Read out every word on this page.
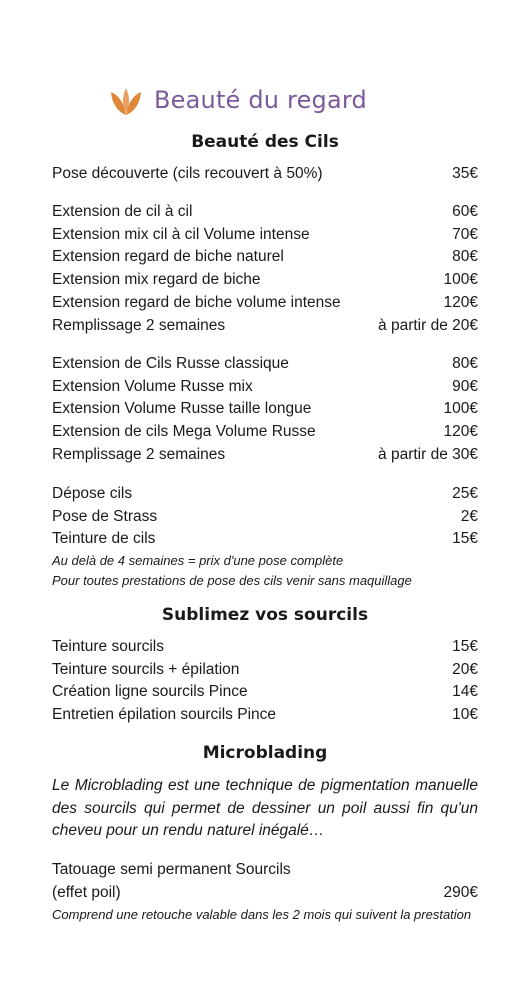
Beauté du regard
Beauté des Cils
Pose découverte (cils recouvert à 50%)	35€
Extension de cil à cil	60€
Extension mix cil à cil Volume intense	70€
Extension regard de biche naturel	80€
Extension mix regard de biche	100€
Extension regard de biche volume intense	120€
Remplissage 2 semaines	à partir de 20€
Extension de Cils Russe classique	80€
Extension Volume Russe mix	90€
Extension Volume Russe taille longue	100€
Extension de cils Mega Volume Russe	120€
Remplissage 2 semaines	à partir de 30€
Dépose cils	25€
Pose de Strass	2€
Teinture de cils	15€
Au delà de 4 semaines = prix d'une pose complète
Pour toutes prestations de pose des cils venir sans maquillage
Sublimez vos sourcils
Teinture sourcils	15€
Teinture sourcils + épilation	20€
Création ligne sourcils Pince	14€
Entretien épilation sourcils Pince	10€
Microblading
Le Microblading est une technique de pigmentation manuelle des sourcils qui permet de dessiner un poil aussi fin qu'un cheveu pour un rendu naturel inégalé…
Tatouage semi permanent Sourcils
(effet poil)	290€
Comprend une retouche valable dans les 2 mois qui suivent la prestation
